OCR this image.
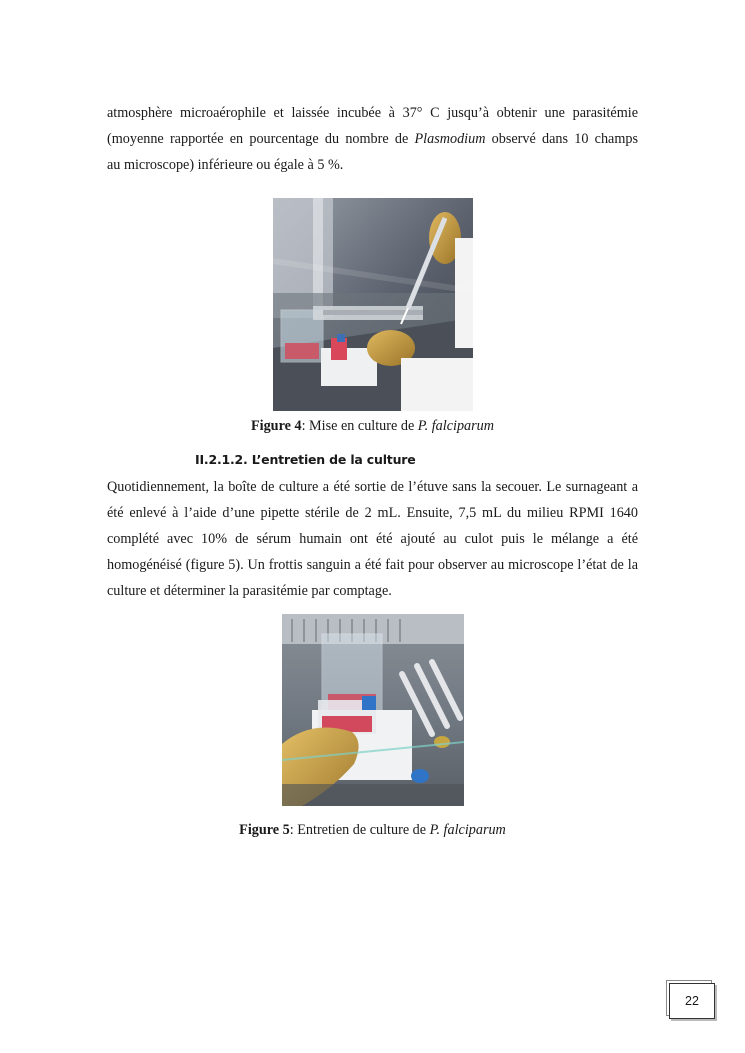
atmosphère microaérophile et laissée incubée à 37° C jusqu’à obtenir une parasitémie
(moyenne rapportée en pourcentage du nombre de Plasmodium observé dans 10 champs
au microscope) inférieure ou égale à 5 %.

Figure 4: Mise en culture de P. falciparum

II.2.1.2. L’entretien de la culture

Quotidiennement, la boîte de culture a été sortie de l’étuve sans la secouer. Le surnageant a été enlevé à l’aide d’une pipette stérile de 2 mL. Ensuite, 7,5 mL du milieu RPMI 1640 complété avec 10% de sérum humain ont été ajouté au culot puis le mélange a été homogénéisé (figure 5). Un frottis sanguin a été fait pour observer au microscope l’état de la culture et déterminer la parasitémie par comptage.

Figure 5: Entretien de culture de P. falciparum

22
